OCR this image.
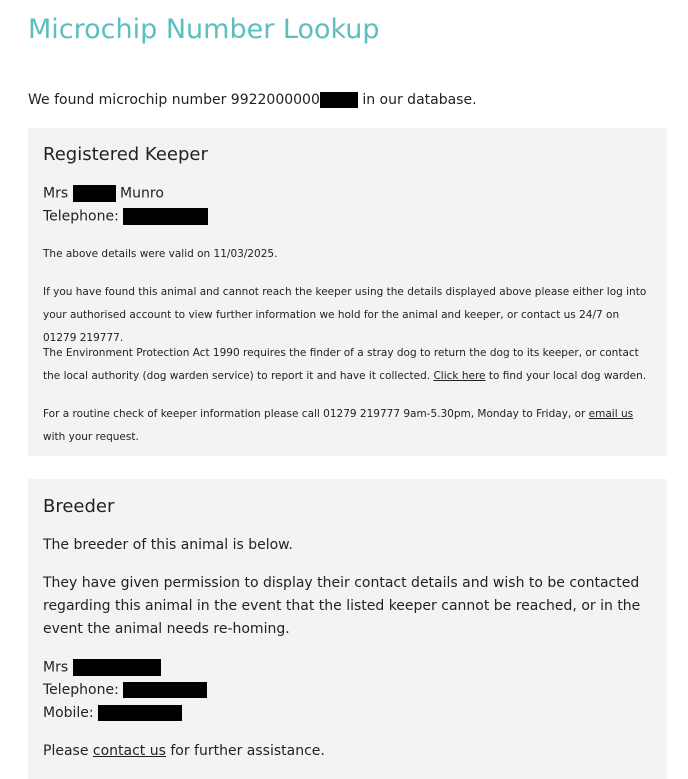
Microchip Number Lookup
We found microchip number 9922000000	in our database.
Registered Keeper
Mrs	Munro
Telephone:
The above details were valid on 11/03/2025.
If you have found this animal and cannot reach the keeper using the details displayed above please either log into your authorised account to view further information we hold for the animal and keeper, or contact us 24/7 on 01279 219777.
The Environment Protection Act 1990 requires the finder of a stray dog to return the dog to its keeper, or contact the local authority (dog warden service) to report it and have it collected. Click here to find your local dog warden.
For a routine check of keeper information please call 01279 219777 9am-5.30pm, Monday to Friday, or email us with your request.
Breeder
The breeder of this animal is below.
They have given permission to display their contact details and wish to be contacted regarding this animal in the event that the listed keeper cannot be reached, or in the event the animal needs re-homing.
Mrs
Telephone:
Mobile:
Please contact us for further assistance.
